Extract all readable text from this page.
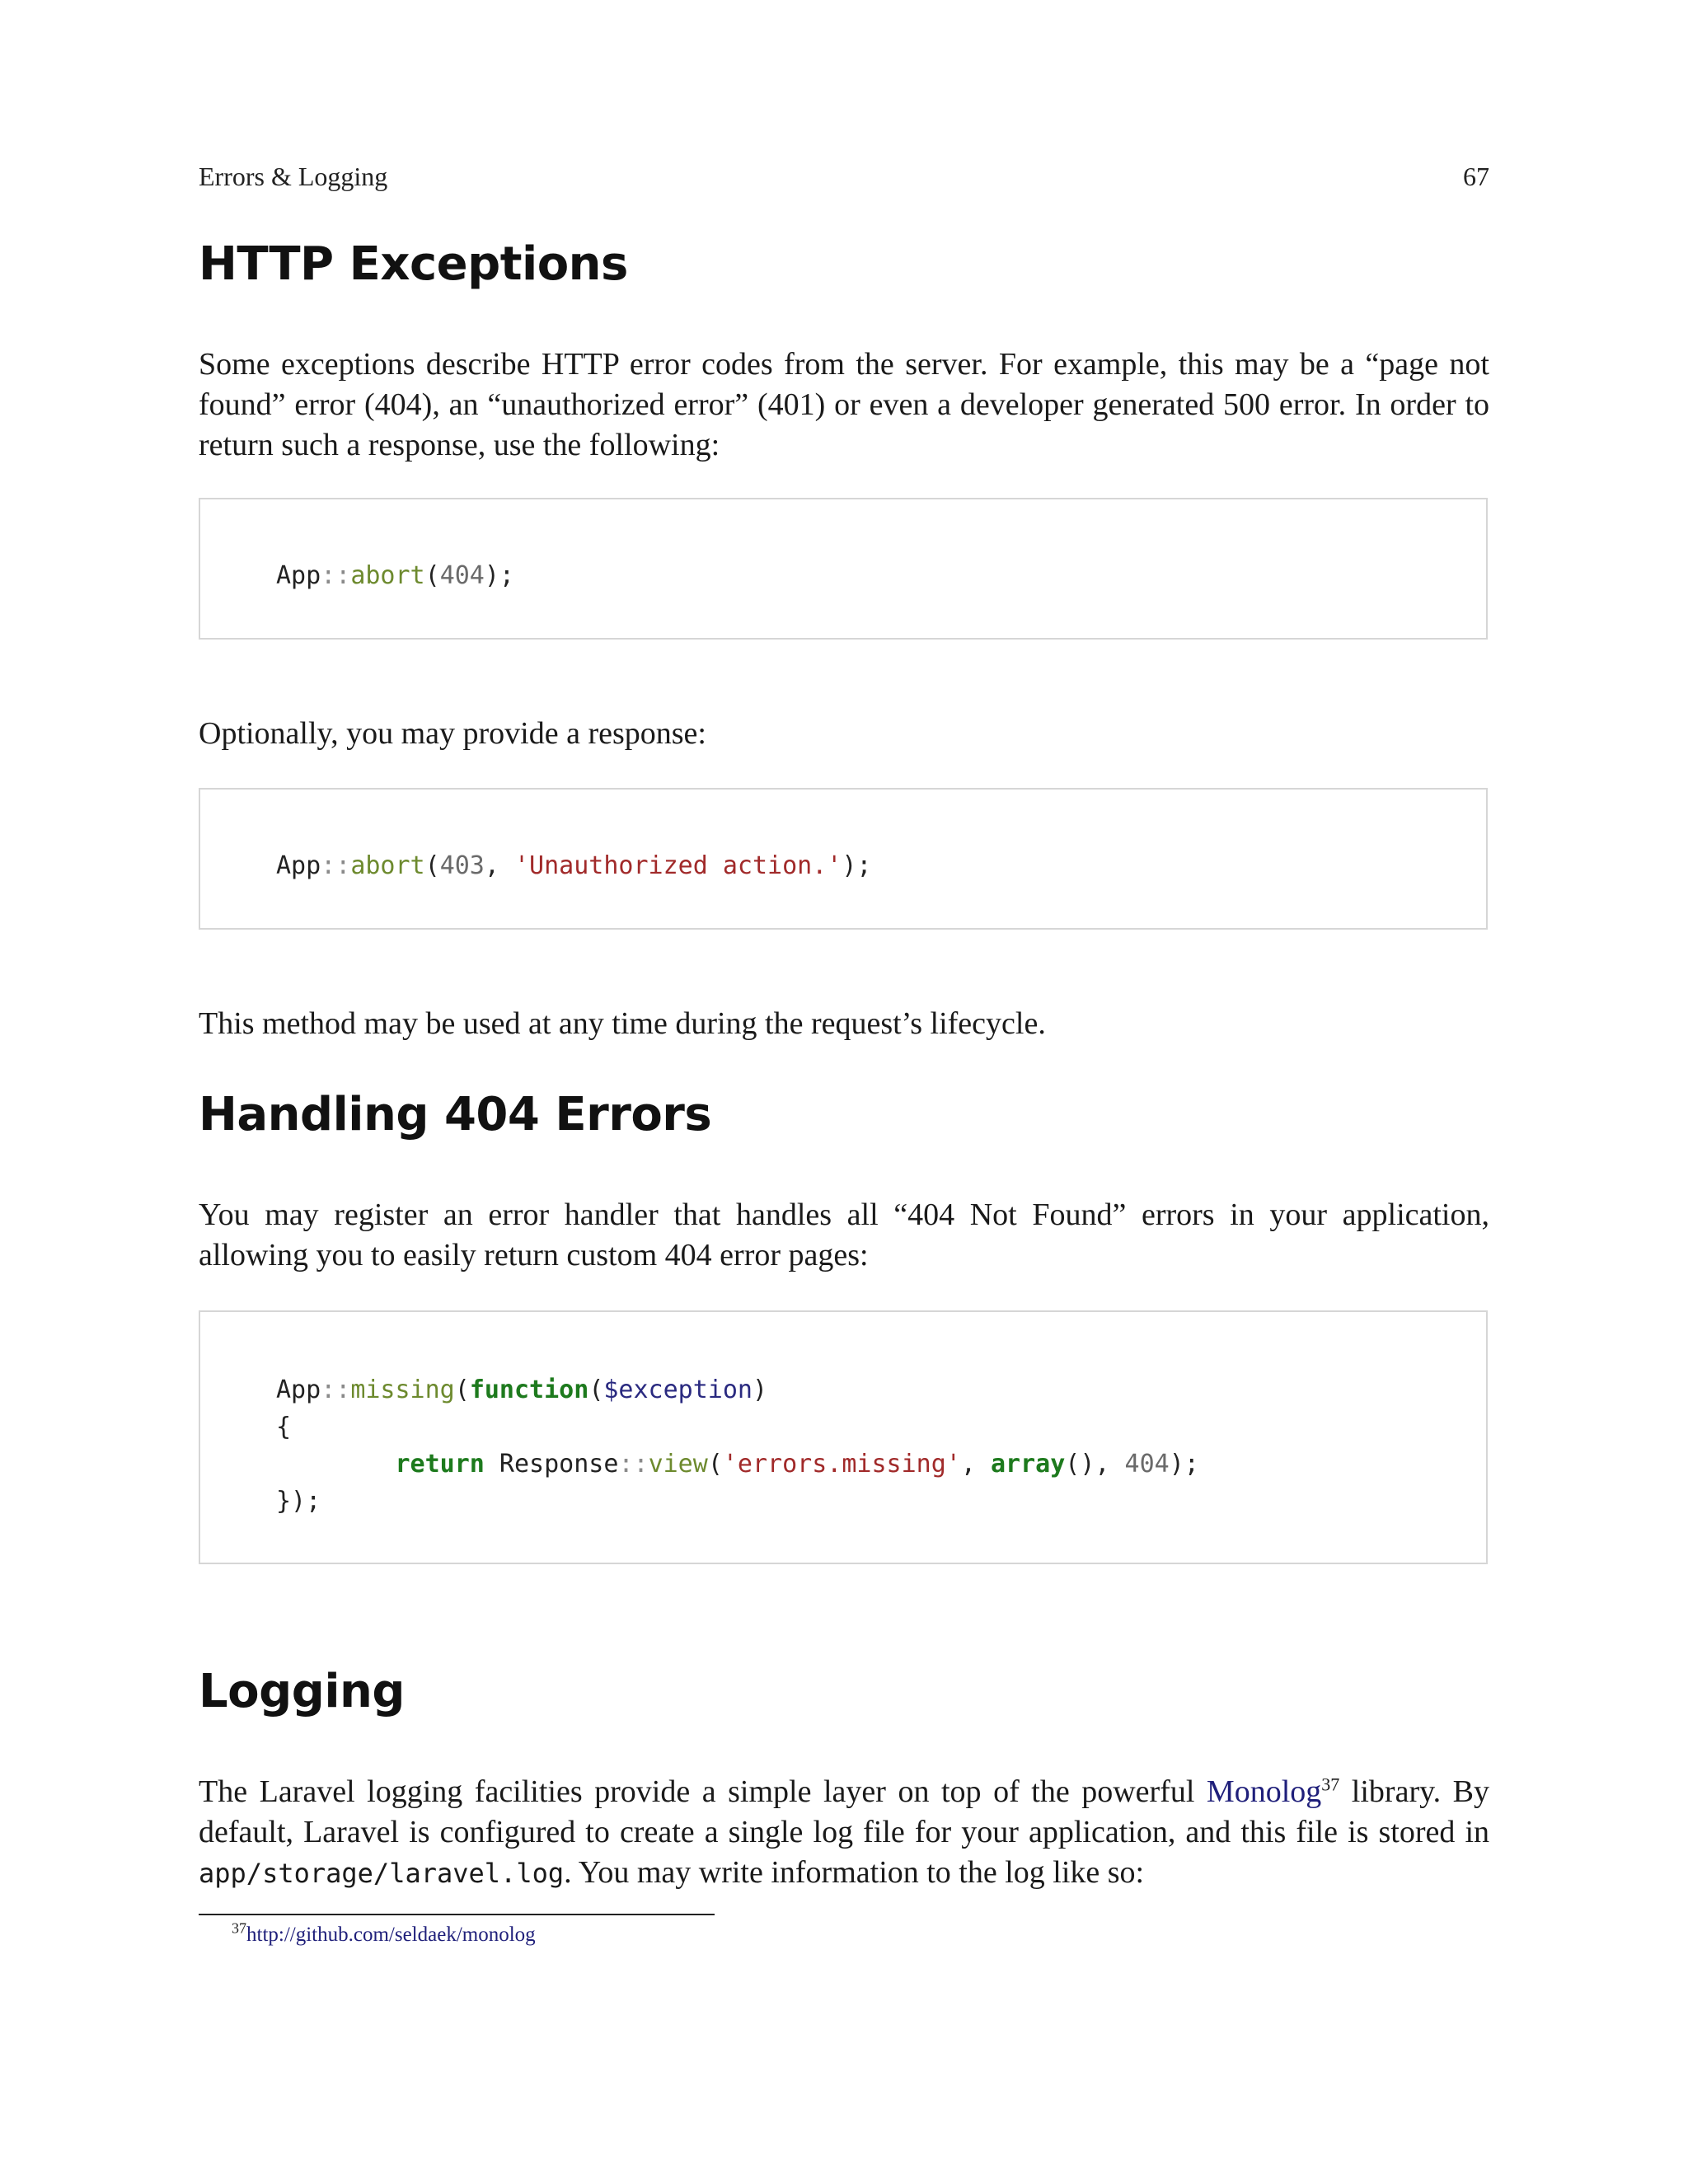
Errors & Logging	67
HTTP Exceptions

Some exceptions describe HTTP error codes from the server. For example, this may be a “page not found” error (404), an “unauthorized error” (401) or even a developer generated 500 error. In order to return such a response, use the following:

App::abort(404);

Optionally, you may provide a response:

App::abort(403, 'Unauthorized action.');

This method may be used at any time during the request’s lifecycle.

Handling 404 Errors

You may register an error handler that handles all “404 Not Found” errors in your application, allowing you to easily return custom 404 error pages:

App::missing(function($exception)
{
return Response::view('errors.missing', array(), 404);
});
Logging

The Laravel logging facilities provide a simple layer on top of the powerful Monolog$^{37}$ library. By default, Laravel is configured to create a single log file for your application, and this file is stored in app/storage/laravel.log. You may write information to the log like so:

$^{37}$http://github.com/seldaek/monolog
